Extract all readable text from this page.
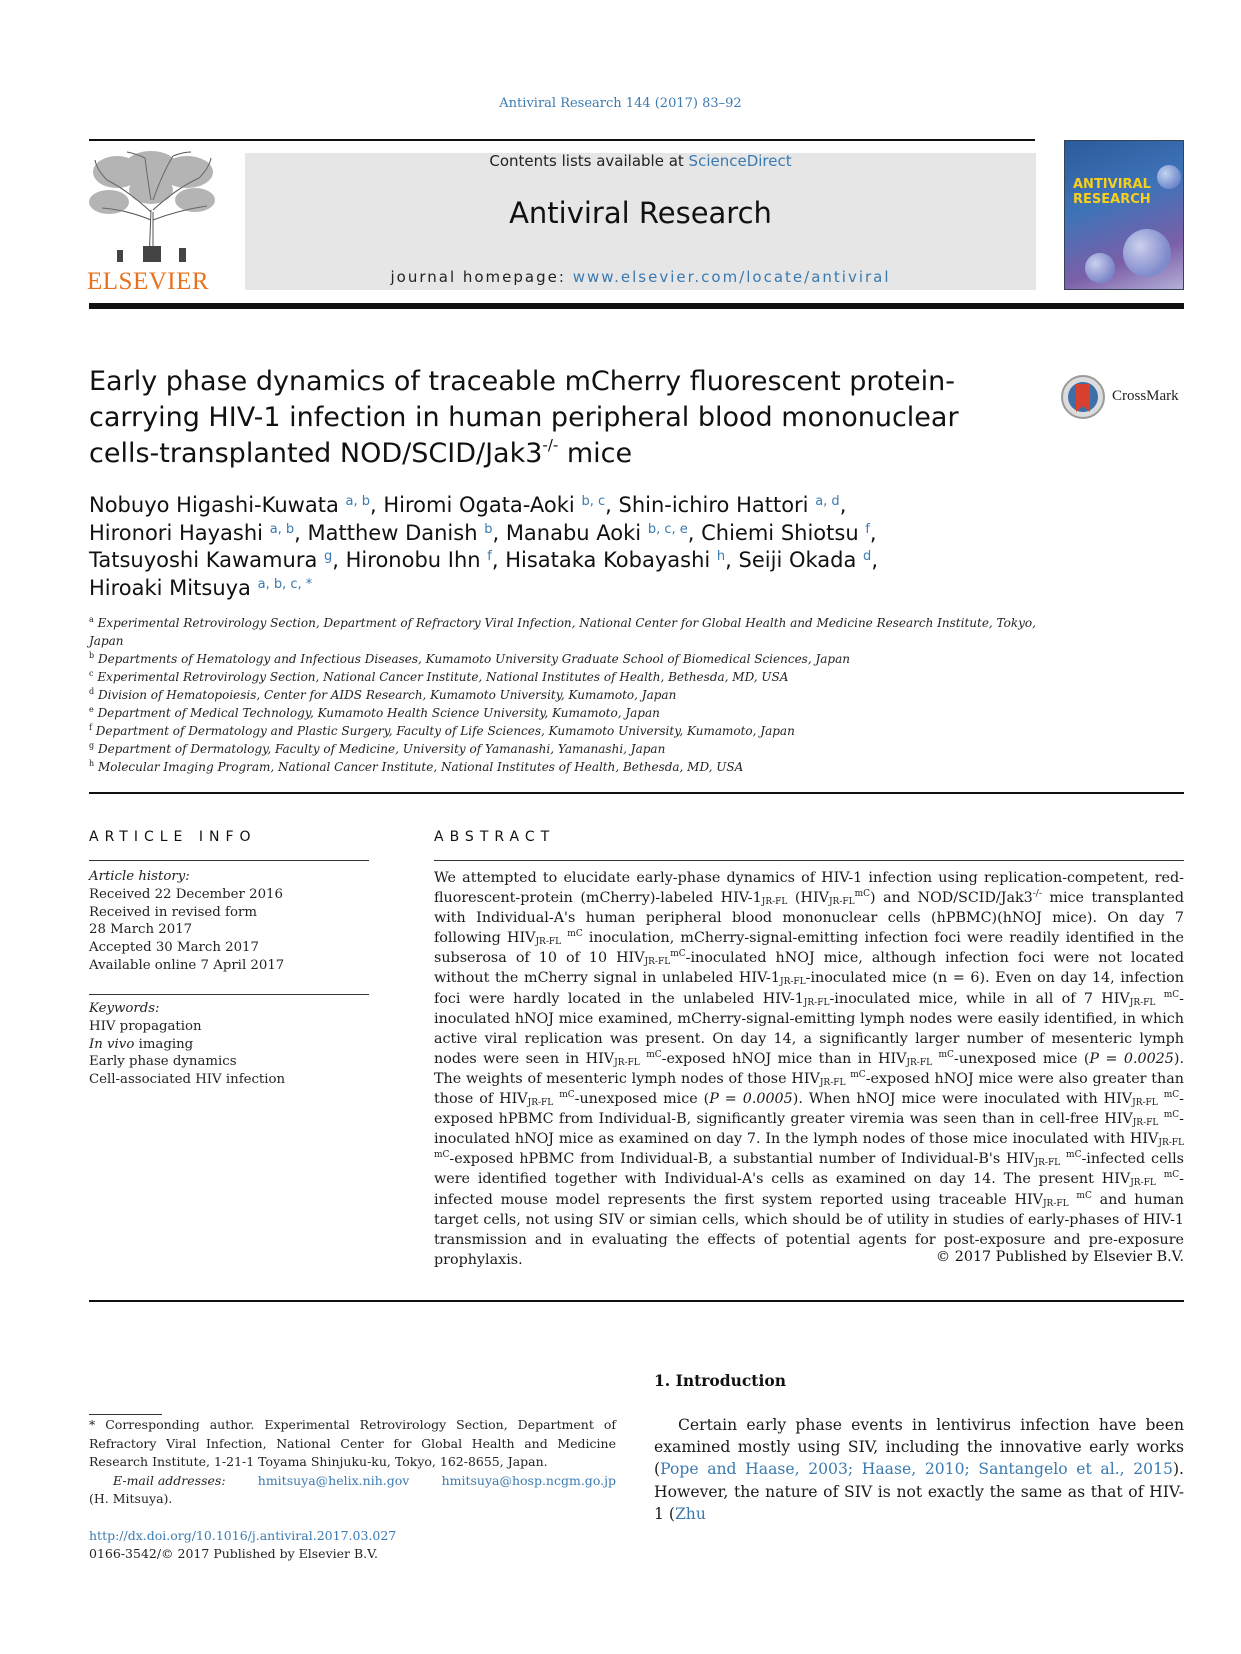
Antiviral Research 144 (2017) 83–92
ELSEVIER
Contents lists available at ScienceDirect
Antiviral Research
journal homepage: www.elsevier.com/locate/antiviral
ANTIVIRAL
RESEARCH
Early phase dynamics of traceable mCherry fluorescent protein-
carrying HIV-1 infection in human peripheral blood mononuclear
cells-transplanted NOD/SCID/Jak3-/- mice
CrossMark
Nobuyo Higashi-Kuwata $^{a, b}$, Hiromi Ogata-Aoki $^{b, c}$, Shin-ichiro Hattori $^{a, d}$,
Hironori Hayashi $^{a, b}$, Matthew Danish $^b$, Manabu Aoki $^{b, c, e}$, Chiemi Shiotsu $^f$,
Tatsuyoshi Kawamura $^g$, Hironobu Ihn $^f$, Hisataka Kobayashi $^h$, Seiji Okada $^d$,
Hiroaki Mitsuya $^{a, b, c, *}$
$^a$ Experimental Retrovirology Section, Department of Refractory Viral Infection, National Center for Global Health and Medicine Research Institute, Tokyo, Japan
$^b$ Departments of Hematology and Infectious Diseases, Kumamoto University Graduate School of Biomedical Sciences, Japan
$^c$ Experimental Retrovirology Section, National Cancer Institute, National Institutes of Health, Bethesda, MD, USA
$^d$ Division of Hematopoiesis, Center for AIDS Research, Kumamoto University, Kumamoto, Japan
$^e$ Department of Medical Technology, Kumamoto Health Science University, Kumamoto, Japan
$^f$ Department of Dermatology and Plastic Surgery, Faculty of Life Sciences, Kumamoto University, Kumamoto, Japan
$^g$ Department of Dermatology, Faculty of Medicine, University of Yamanashi, Yamanashi, Japan
$^h$ Molecular Imaging Program, National Cancer Institute, National Institutes of Health, Bethesda, MD, USA
ARTICLE INFO	ABSTRACT
Article history:
Received 22 December 2016
Received in revised form
28 March 2017
Accepted 30 March 2017
Available online 7 April 2017
Keywords:
HIV propagation
In vivo imaging
Early phase dynamics
Cell-associated HIV infection
We attempted to elucidate early-phase dynamics of HIV-1 infection using replication-competent, red-fluorescent-protein (mCherry)-labeled HIV-$1_{JR-FL}$ $(HIV_{JR-FL}^{mC})$ and NOD/SCID/Jak3-/- mice transplanted with Individual-A's human peripheral blood mononuclear cells (hPBMC)(hNOJ mice). On day 7 following $HIV_{JR-FL}$ $^{mC}$ inoculation, mCherry-signal-emitting infection foci were readily identified in the subserosa of 10 of 10 $HIV_{JR-FL}^{mC}$-inoculated hNOJ mice, although infection foci were not located without the mCherry signal in unlabeled HIV-$1_{JR-FL}$-inoculated mice (n = 6). Even on day 14, infection foci were hardly located in the unlabeled HIV-$1_{JR-FL}$-inoculated mice, while in all of 7 $HIV_{JR-FL}$ $^{mC}$-inoculated hNOJ mice examined, mCherry-signal-emitting lymph nodes were easily identified, in which active viral replication was present. On day 14, a significantly larger number of mesenteric lymph nodes were seen in $HIV_{JR-FL}$ $^{mC}$-exposed hNOJ mice than in $HIV_{JR-FL}$ $^{mC}$-unexposed mice (P = 0.0025). The weights of mesenteric lymph nodes of those $HIV_{JR-FL}$ $^{mC}$-exposed hNOJ mice were also greater than those of $HIV_{JR-FL}$ $^{mC}$-unexposed mice (P = 0.0005). When hNOJ mice were inoculated with $HIV_{JR-FL}$ $^{mC}$-exposed hPBMC from Individual-B, significantly greater viremia was seen than in cell-free $HIV_{JR-FL}$ $^{mC}$-inoculated hNOJ mice as examined on day 7. In the lymph nodes of those mice inoculated with $HIV_{JR-FL}$ $^{mC}$-exposed hPBMC from Individual-B, a substantial number of Individual-B's $HIV_{JR-FL}$ $^{mC}$-infected cells were identified together with Individual-A's cells as examined on day 14. The present $HIV_{JR-FL}$ $^{mC}$-infected mouse model represents the first system reported using traceable $HIV_{JR-FL}$ $^{mC}$ and human target cells, not using SIV or simian cells, which should be of utility in studies of early-phases of HIV-1 transmission and in evaluating the effects of potential agents for post-exposure and pre-exposure prophylaxis.	© 2017 Published by Elsevier B.V.
1. Introduction
Certain early phase events in lentivirus infection have been examined mostly using SIV, including the innovative early works (Pope and Haase, 2003; Haase, 2010; Santangelo et al., 2015). However, the nature of SIV is not exactly the same as that of HIV-1 (Zhu
* Corresponding author. Experimental Retrovirology Section, Department of Refractory Viral Infection, National Center for Global Health and Medicine Research Institute, 1-21-1 Toyama Shinjuku-ku, Tokyo, 162-8655, Japan.
E-mail addresses:	hmitsuya@helix.nih.gov	hmitsuya@hosp.ncgm.go.jp
(H. Mitsuya).
http://dx.doi.org/10.1016/j.antiviral.2017.03.027
0166-3542/© 2017 Published by Elsevier B.V.
